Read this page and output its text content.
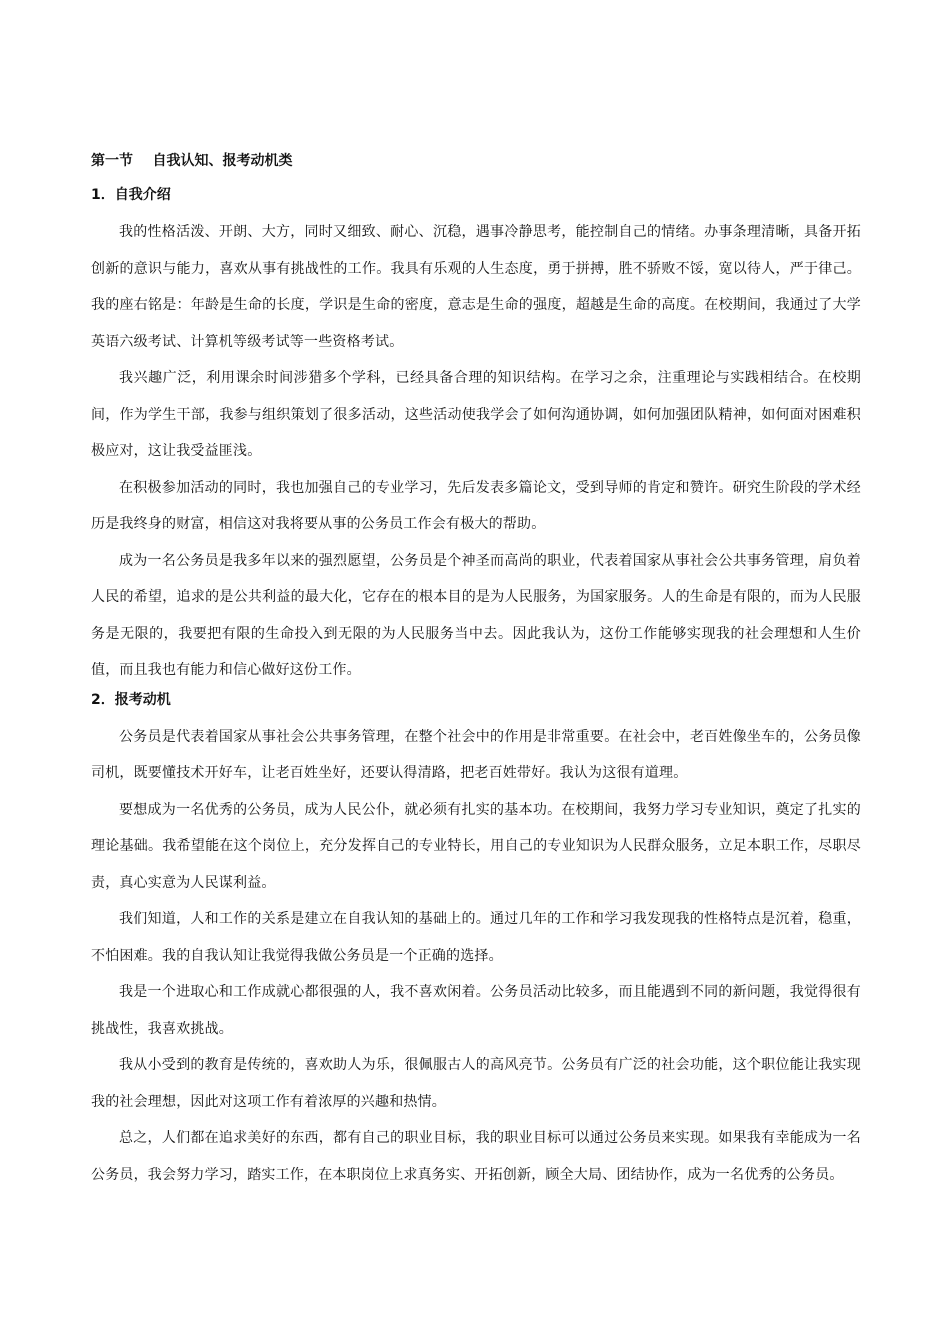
第一节    自我认知、报考动机类
1．自我介绍

我的性格活泼、开朗、大方，同时又细致、耐心、沉稳，遇事冷静思考，能控制自己的情绪。办事条理清晰，具备开拓创新的意识与能力，喜欢从事有挑战性的工作。我具有乐观的人生态度，勇于拼搏，胜不骄败不馁，宽以待人，严于律己。我的座右铭是：年龄是生命的长度，学识是生命的密度，意志是生命的强度，超越是生命的高度。在校期间，我通过了大学英语六级考试、计算机等级考试等一些资格考试。

我兴趣广泛，利用课余时间涉猎多个学科，已经具备合理的知识结构。在学习之余，注重理论与实践相结合。在校期间，作为学生干部，我参与组织策划了很多活动，这些活动使我学会了如何沟通协调，如何加强团队精神，如何面对困难积极应对，这让我受益匪浅。

在积极参加活动的同时，我也加强自己的专业学习，先后发表多篇论文，受到导师的肯定和赞许。研究生阶段的学术经历是我终身的财富，相信这对我将要从事的公务员工作会有极大的帮助。

成为一名公务员是我多年以来的强烈愿望，公务员是个神圣而高尚的职业，代表着国家从事社会公共事务管理，肩负着人民的希望，追求的是公共利益的最大化，它存在的根本目的是为人民服务，为国家服务。人的生命是有限的，而为人民服务是无限的，我要把有限的生命投入到无限的为人民服务当中去。因此我认为，这份工作能够实现我的社会理想和人生价值，而且我也有能力和信心做好这份工作。

2．报考动机

公务员是代表着国家从事社会公共事务管理，在整个社会中的作用是非常重要。在社会中，老百姓像坐车的，公务员像司机，既要懂技术开好车，让老百姓坐好，还要认得清路，把老百姓带好。我认为这很有道理。

要想成为一名优秀的公务员，成为人民公仆，就必须有扎实的基本功。在校期间，我努力学习专业知识，奠定了扎实的理论基础。我希望能在这个岗位上，充分发挥自己的专业特长，用自己的专业知识为人民群众服务，立足本职工作，尽职尽责，真心实意为人民谋利益。

我们知道，人和工作的关系是建立在自我认知的基础上的。通过几年的工作和学习我发现我的性格特点是沉着，稳重，不怕困难。我的自我认知让我觉得我做公务员是一个正确的选择。

我是一个进取心和工作成就心都很强的人，我不喜欢闲着。公务员活动比较多，而且能遇到不同的新问题，我觉得很有挑战性，我喜欢挑战。

我从小受到的教育是传统的，喜欢助人为乐，很佩服古人的高风亮节。公务员有广泛的社会功能，这个职位能让我实现我的社会理想，因此对这项工作有着浓厚的兴趣和热情。

总之，人们都在追求美好的东西，都有自己的职业目标，我的职业目标可以通过公务员来实现。如果我有幸能成为一名公务员，我会努力学习，踏实工作，在本职岗位上求真务实、开拓创新，顾全大局、团结协作，成为一名优秀的公务员。
